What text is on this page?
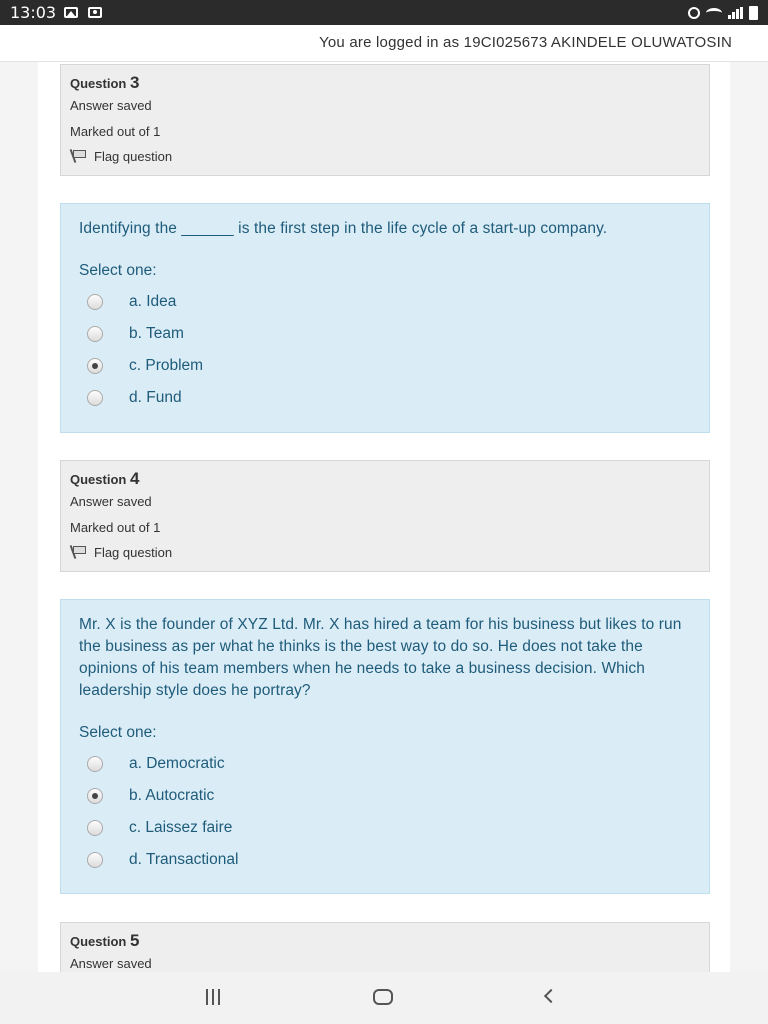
13:03
You are logged in as 19CI025673 AKINDELE OLUWATOSIN
Question 3
Answer saved
Marked out of 1
Flag question
Identifying the ______ is the first step in the life cycle of a start-up company.
Select one:
a. Idea
b. Team
c. Problem
d. Fund
Question 4
Answer saved
Marked out of 1
Flag question
Mr. X is the founder of XYZ Ltd. Mr. X has hired a team for his business but likes to run the business as per what he thinks is the best way to do so. He does not take the opinions of his team members when he needs to take a business decision. Which leadership style does he portray?
Select one:
a. Democratic
b. Autocratic
c. Laissez faire
d. Transactional
Question 5
Answer saved
